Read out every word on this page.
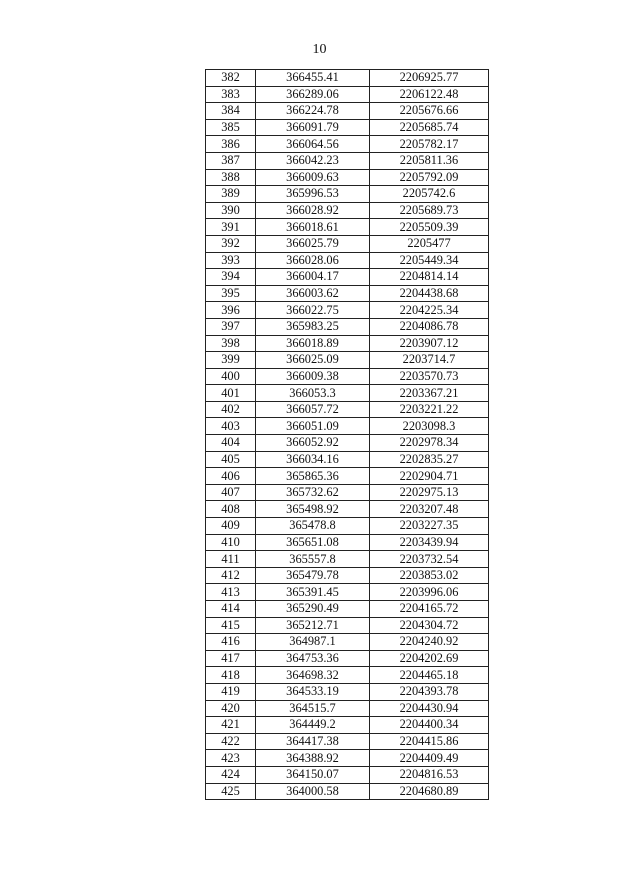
10
382	366455.41	2206925.77
383	366289.06	2206122.48
384	366224.78	2205676.66
385	366091.79	2205685.74
386	366064.56	2205782.17
387	366042.23	2205811.36
388	366009.63	2205792.09
389	365996.53	2205742.6
390	366028.92	2205689.73
391	366018.61	2205509.39
392	366025.79	2205477
393	366028.06	2205449.34
394	366004.17	2204814.14
395	366003.62	2204438.68
396	366022.75	2204225.34
397	365983.25	2204086.78
398	366018.89	2203907.12
399	366025.09	2203714.7
400	366009.38	2203570.73
401	366053.3	2203367.21
402	366057.72	2203221.22
403	366051.09	2203098.3
404	366052.92	2202978.34
405	366034.16	2202835.27
406	365865.36	2202904.71
407	365732.62	2202975.13
408	365498.92	2203207.48
409	365478.8	2203227.35
410	365651.08	2203439.94
411	365557.8	2203732.54
412	365479.78	2203853.02
413	365391.45	2203996.06
414	365290.49	2204165.72
415	365212.71	2204304.72
416	364987.1	2204240.92
417	364753.36	2204202.69
418	364698.32	2204465.18
419	364533.19	2204393.78
420	364515.7	2204430.94
421	364449.2	2204400.34
422	364417.38	2204415.86
423	364388.92	2204409.49
424	364150.07	2204816.53
425	364000.58	2204680.89
